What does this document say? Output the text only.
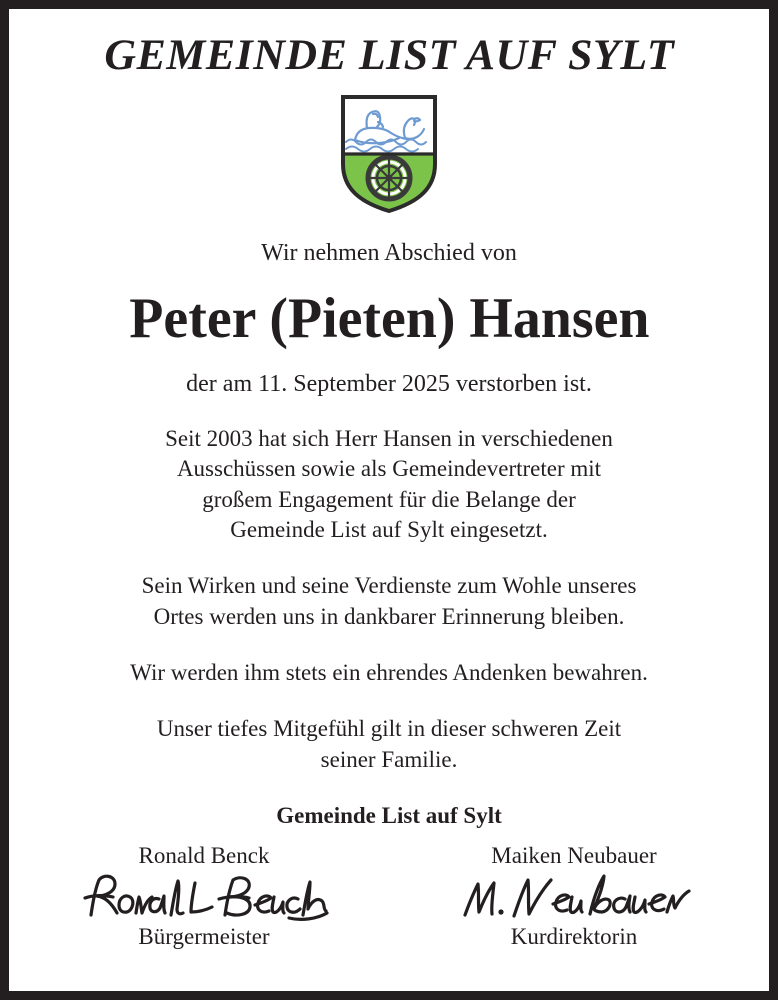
GEMEINDE LIST AUF SYLT
Wir nehmen Abschied von
Peter (Pieten) Hansen
der am 11. September 2025 verstorben ist.
Seit 2003 hat sich Herr Hansen in verschiedenen
Ausschüssen sowie als Gemeindevertreter mit
großem Engagement für die Belange der
Gemeinde List auf Sylt eingesetzt.
Sein Wirken und seine Verdienste zum Wohle unseres
Ortes werden uns in dankbarer Erinnerung bleiben.
Wir werden ihm stets ein ehrendes Andenken bewahren.
Unser tiefes Mitgefühl gilt in dieser schweren Zeit
seiner Familie.
Gemeinde List auf Sylt
Ronald Benck
Bürgermeister
Maiken Neubauer
Kurdirektorin
